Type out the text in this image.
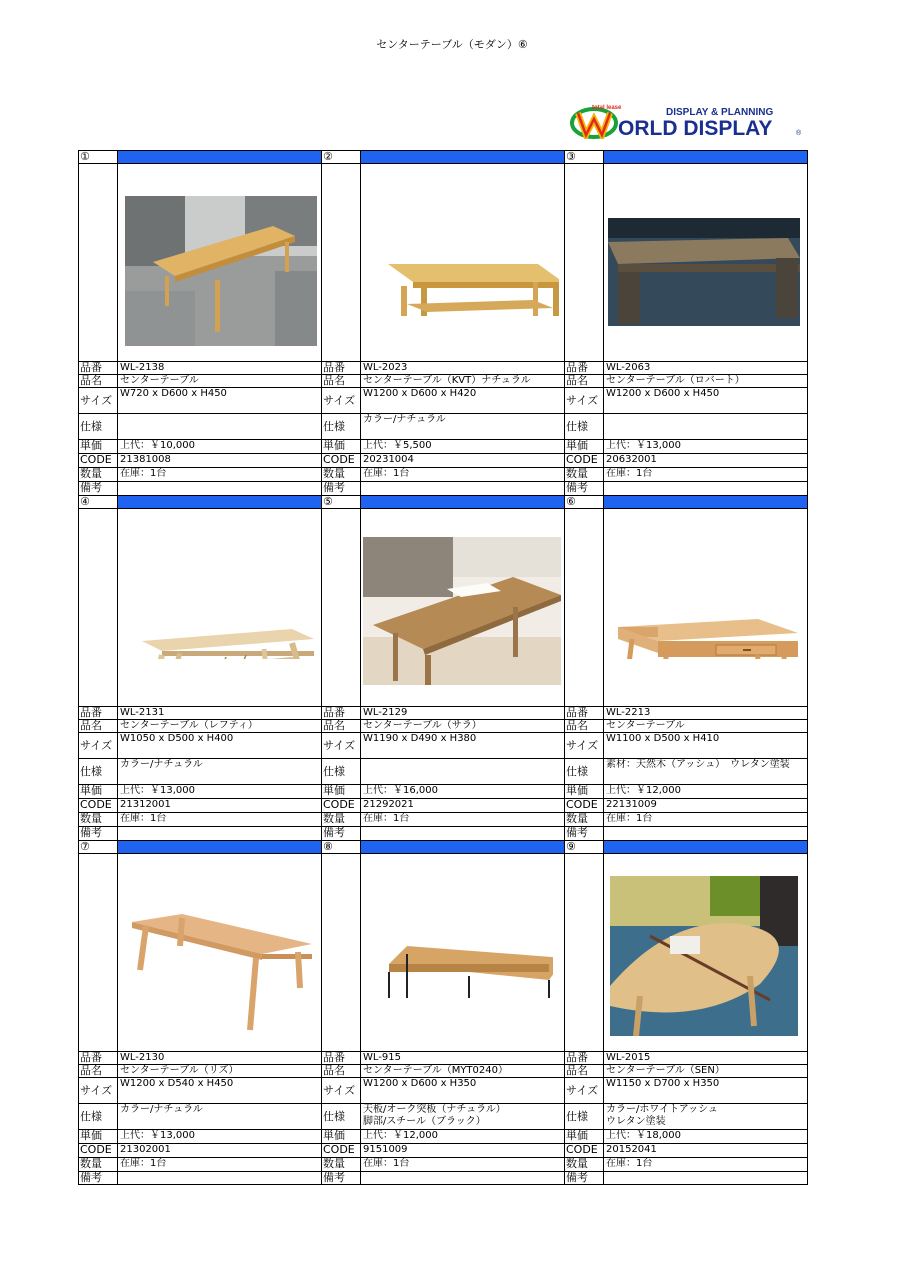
センターテーブル（モダン）⑥
total lease	DISPLAY & PLANNING
ORLD DISPLAY	®
①
品番	WL-2138
品名	センターテーブル
サイズ W720 x D600 x H450
仕様
単価	上代：￥10,000
CODE 21381008
数量	在庫：1台
備考
②
品番	WL-2023
品名	センターテーブル（KVT）ナチュラル
サイズ W1200 x D600 x H420
仕様	カラー/ナチュラル
単価	上代：￥5,500
CODE 20231004
数量	在庫：1台
備考
③
品番	WL-2063
品名	センターテーブル（ロバート）
サイズ W1200 x D600 x H450
仕様
単価	上代：￥13,000
CODE 20632001
数量	在庫：1台
備考
④
品番	WL-2131
品名	センターテーブル（レフティ）
サイズ W1050 x D500 x H400
仕様	カラー/ナチュラル
単価	上代：￥13,000
CODE 21312001
数量	在庫：1台
備考
⑤
品番	WL-2129
品名	センターテーブル（サラ）
サイズ W1190 x D490 x H380
仕様
単価	上代：￥16,000
CODE 21292021
数量	在庫：1台
備考
⑥
品番	WL-2213
品名	センターテーブル
サイズ W1100 x D500 x H410
仕様	素材：天然木（アッシュ）　ウレタン塗装
単価	上代：￥12,000
CODE 22131009
数量	在庫：1台
備考
⑦
品番	WL-2130
品名	センターテーブル（リズ）
サイズ W1200 x D540 x H450
仕様	カラー/ナチュラル
単価	上代：￥13,000
CODE 21302001
数量	在庫：1台
備考
⑧
品番	WL-915
品名	センターテーブル（MYT0240）
サイズ W1200 x D600 x H350
仕様	天板/オーク突板（ナチュラル）
脚部/スチール（ブラック）
単価	上代：￥12,000
CODE 9151009
数量	在庫：1台
備考
⑨
品番	WL-2015
品名	センターテーブル（SEN）
サイズ W1150 x D700 x H350
仕様	カラー/ホワイトアッシュ
ウレタン塗装
単価	上代：￥18,000
CODE 20152041
数量	在庫：1台
備考
